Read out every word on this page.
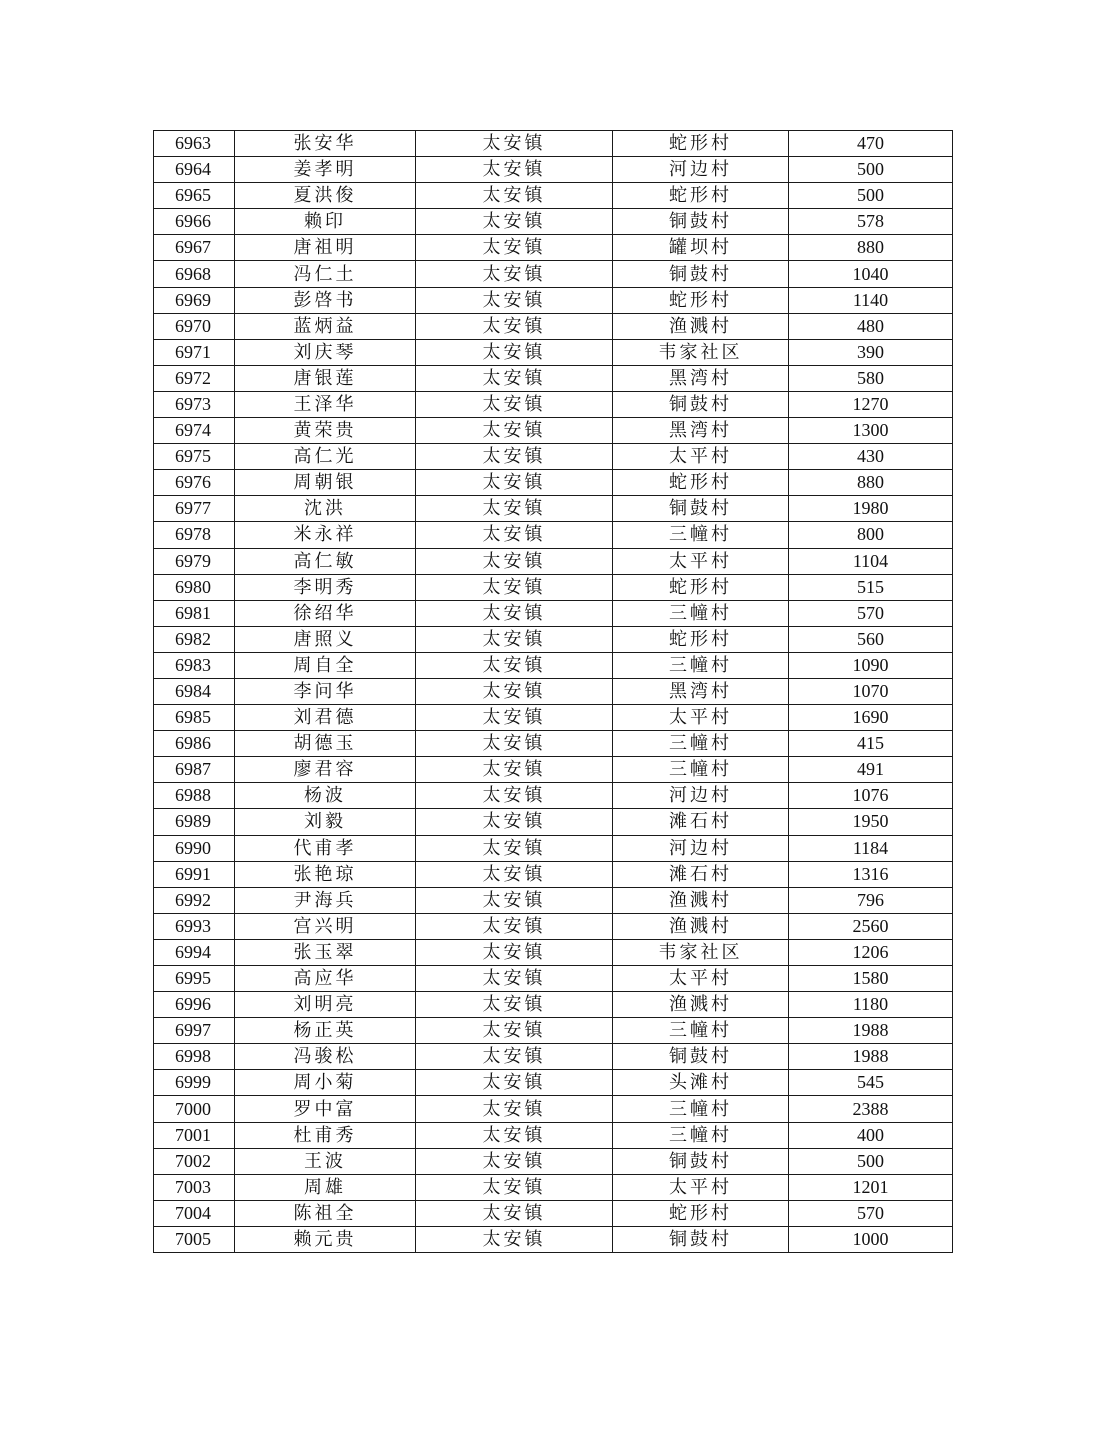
6963	张安华	太安镇	蛇形村	470
6964	姜孝明	太安镇	河边村	500
6965	夏洪俊	太安镇	蛇形村	500
6966	赖印	太安镇	铜鼓村	578
6967	唐祖明	太安镇	罐坝村	880
6968	冯仁土	太安镇	铜鼓村	1040
6969	彭啓书	太安镇	蛇形村	1140
6970	蓝炳益	太安镇	渔溅村	480
6971	刘庆琴	太安镇	韦家社区	390
6972	唐银莲	太安镇	黑湾村	580
6973	王泽华	太安镇	铜鼓村	1270
6974	黄荣贵	太安镇	黑湾村	1300
6975	高仁光	太安镇	太平村	430
6976	周朝银	太安镇	蛇形村	880
6977	沈洪	太安镇	铜鼓村	1980
6978	米永祥	太安镇	三幢村	800
6979	高仁敏	太安镇	太平村	1104
6980	李明秀	太安镇	蛇形村	515
6981	徐绍华	太安镇	三幢村	570
6982	唐照义	太安镇	蛇形村	560
6983	周自全	太安镇	三幢村	1090
6984	李问华	太安镇	黑湾村	1070
6985	刘君德	太安镇	太平村	1690
6986	胡德玉	太安镇	三幢村	415
6987	廖君容	太安镇	三幢村	491
6988	杨波	太安镇	河边村	1076
6989	刘毅	太安镇	滩石村	1950
6990	代甫孝	太安镇	河边村	1184
6991	张艳琼	太安镇	滩石村	1316
6992	尹海兵	太安镇	渔溅村	796
6993	宫兴明	太安镇	渔溅村	2560
6994	张玉翠	太安镇	韦家社区	1206
6995	高应华	太安镇	太平村	1580
6996	刘明亮	太安镇	渔溅村	1180
6997	杨正英	太安镇	三幢村	1988
6998	冯骏松	太安镇	铜鼓村	1988
6999	周小菊	太安镇	头滩村	545
7000	罗中富	太安镇	三幢村	2388
7001	杜甫秀	太安镇	三幢村	400
7002	王波	太安镇	铜鼓村	500
7003	周雄	太安镇	太平村	1201
7004	陈祖全	太安镇	蛇形村	570
7005	赖元贵	太安镇	铜鼓村	1000
